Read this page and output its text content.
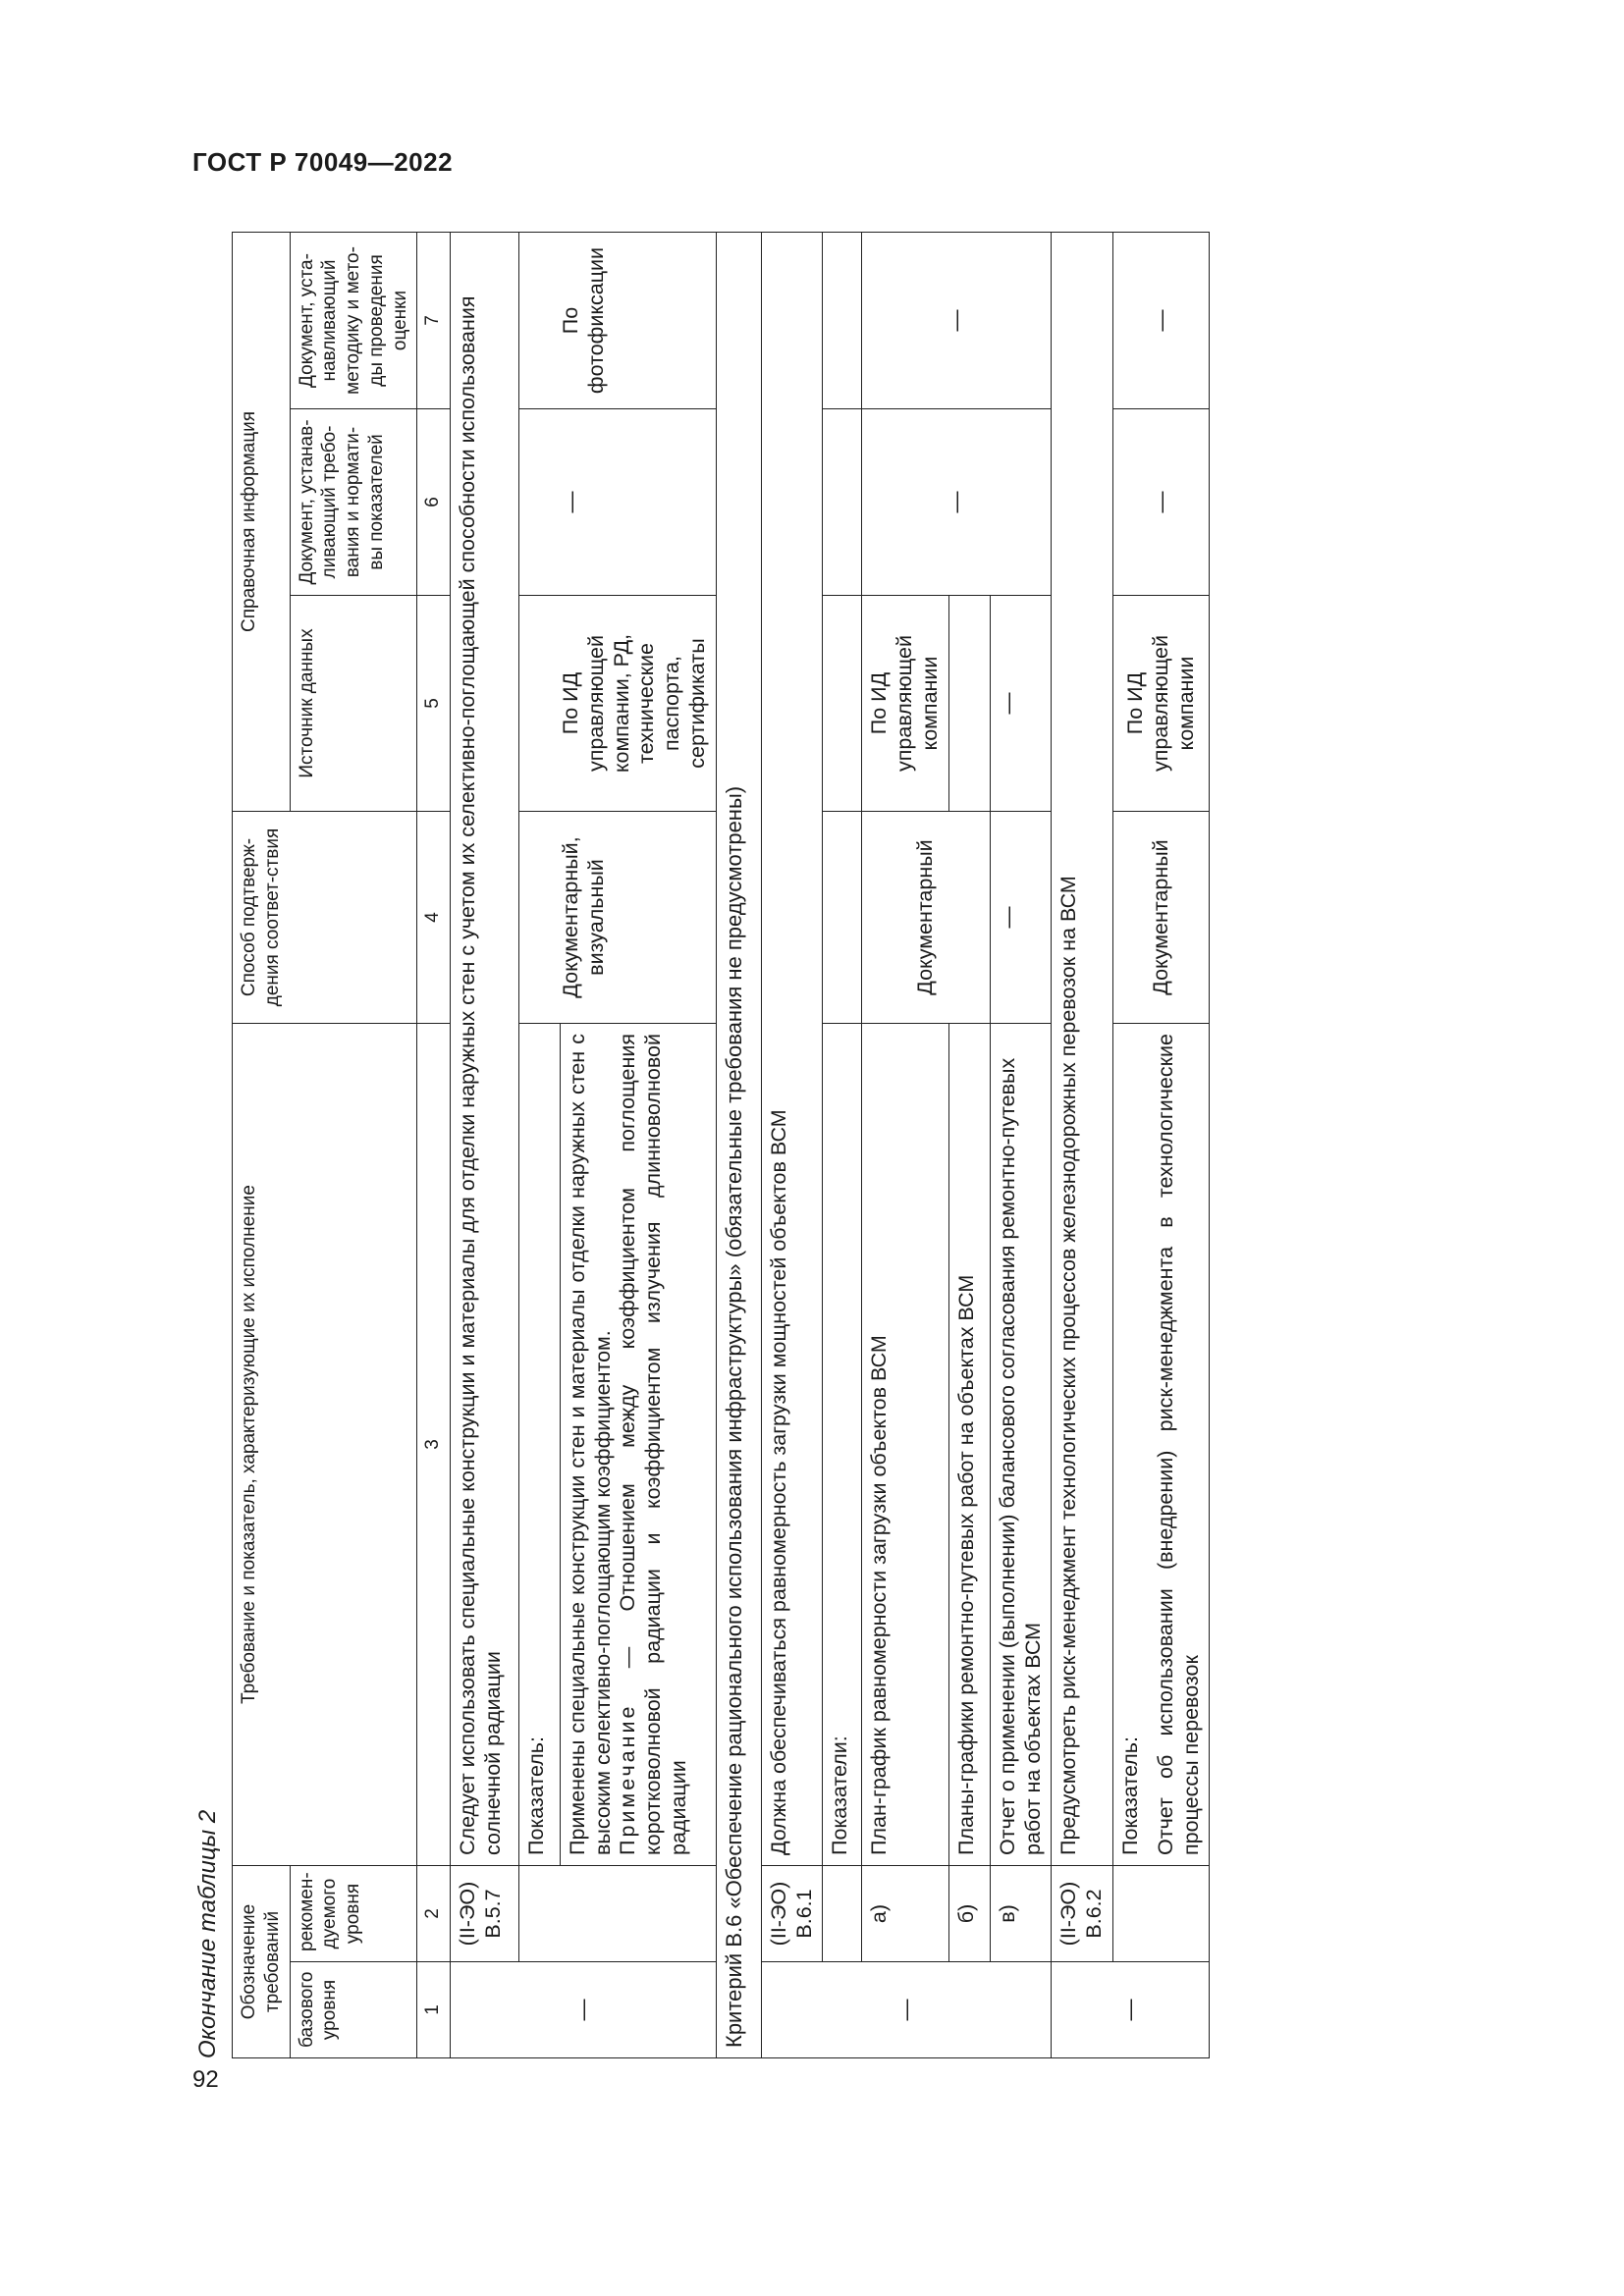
ГОСТ Р 70049—2022
92
Окончание таблицы 2 Обозначение требований		Требование и показатель, характеризующие их исполнение	Способ подтверж-дения соответ-ствия	Справочная информация		
базового уровня	рекомен-дуемого уровня			Источник данных	Документ, устанав-ливающий требо-вания и нормати-вы показателей	Документ, уста-навливающий методику и мето-ды проведения оценки
1	2	3	4	5	6	7
—	(II-ЭО) В.5.7	Следует использовать специальные конструкции и материалы для отделки наружных стен с учетом их селективно-поглощающей способности использования солнечной радиации				
		Показатель:	Документарный, визуальный	По ИД управляющей компании, РД, технические паспорта, сертификаты	—	По фотофиксации

		Применены специальные конструкции стен и материалы отделки наружных стен с высоким селективно-поглощающим коэффициентом. Примечание — Отношением между коэффициентом поглощения коротковолновой радиации и коэффициентом излучения длинноволновой радиации				

Критерий В.6 «Обеспечение рационального использования инфраструктуры» (обязательные требования не предусмотрены)						
—	(II-ЭО) В.6.1	Должна обеспечиваться равномерность загрузки мощностей объектов ВСМ				
		Показатели:				
	а)	План-график равномерности загрузки объектов ВСМ	Документарный	По ИД управляющей компании	—	—
	б)	Планы-графики ремонтно-путевых работ на объектах ВСМ				
	в)	Отчет о применении (выполнении) балансового согласования ремонтно-путевых работ на объектах ВСМ	—	—		
—	(II-ЭО) В.6.2	Предусмотреть риск-менеджмент технологических процессов железнодорожных перевозок на ВСМ				

		Показатель: Отчет об использовании (внедрении) риск-менеджмента в технологические процессы перевозок	Документарный	По ИД управляющей компании	—	—
